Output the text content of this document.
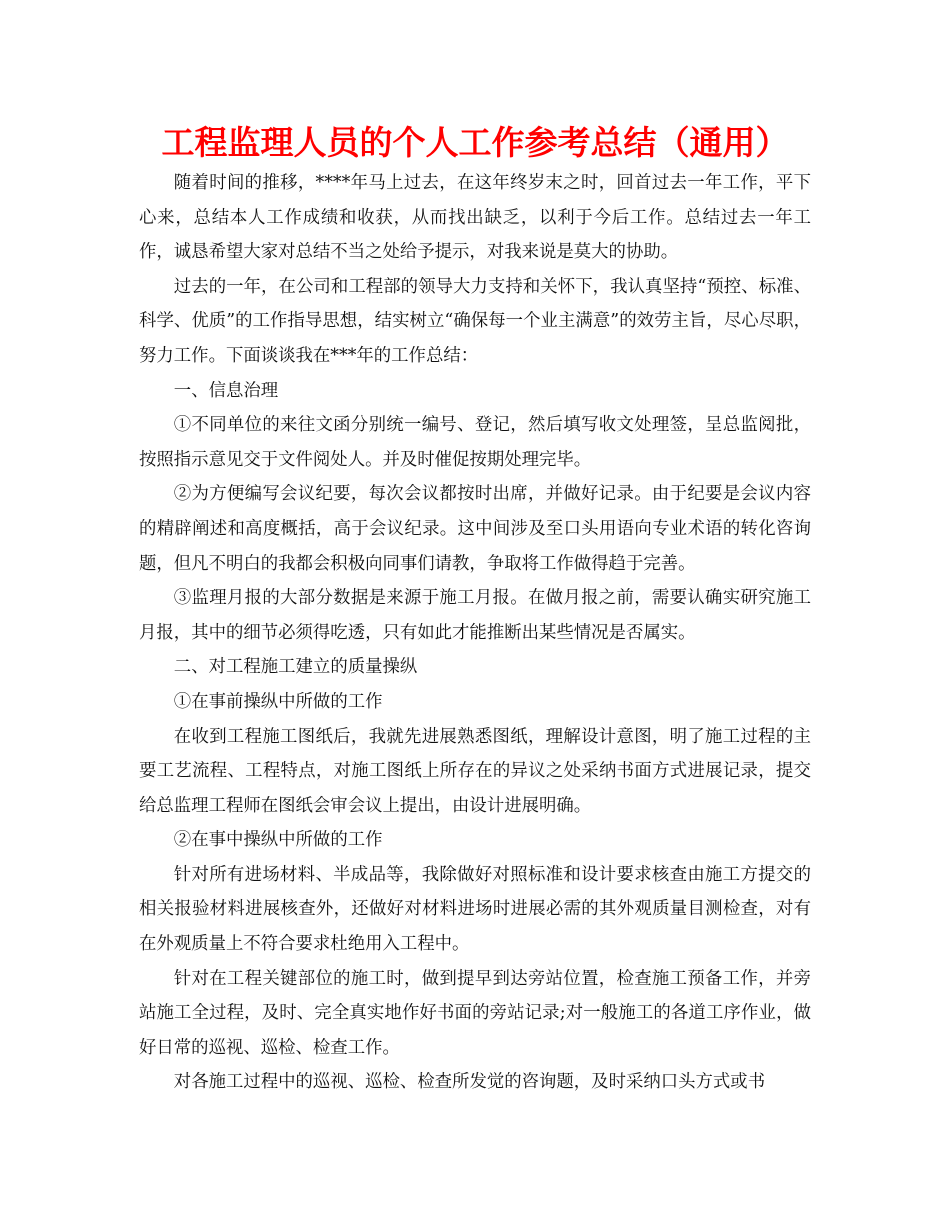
工程监理人员的个人工作参考总结（通用）

随着时间的推移，****年马上过去，在这年终岁末之时，回首过去一年工作，平下心来，总结本人工作成绩和收获，从而找出缺乏，以利于今后工作。总结过去一年工作，诚恳希望大家对总结不当之处给予提示，对我来说是莫大的协助。

过去的一年，在公司和工程部的领导大力支持和关怀下，我认真坚持“预控、标准、科学、优质”的工作指导思想，结实树立“确保每一个业主满意”的效劳主旨，尽心尽职，努力工作。下面谈谈我在***年的工作总结：

一、信息治理

①不同单位的来往文函分别统一编号、登记，然后填写收文处理签，呈总监阅批，按照指示意见交于文件阅处人。并及时催促按期处理完毕。

②为方便编写会议纪要，每次会议都按时出席，并做好记录。由于纪要是会议内容的精辟阐述和高度概括，高于会议纪录。这中间涉及至口头用语向专业术语的转化咨询题，但凡不明白的我都会积极向同事们请教，争取将工作做得趋于完善。

③监理月报的大部分数据是来源于施工月报。在做月报之前，需要认确实研究施工月报，其中的细节必须得吃透，只有如此才能推断出某些情况是否属实。

二、对工程施工建立的质量操纵

①在事前操纵中所做的工作

在收到工程施工图纸后，我就先进展熟悉图纸，理解设计意图，明了施工过程的主要工艺流程、工程特点，对施工图纸上所存在的异议之处采纳书面方式进展记录，提交给总监理工程师在图纸会审会议上提出，由设计进展明确。

②在事中操纵中所做的工作

针对所有进场材料、半成品等，我除做好对照标准和设计要求核查由施工方提交的相关报验材料进展核查外，还做好对材料进场时进展必需的其外观质量目测检查，对有在外观质量上不符合要求杜绝用入工程中。

针对在工程关键部位的施工时，做到提早到达旁站位置，检查施工预备工作，并旁站施工全过程，及时、完全真实地作好书面的旁站记录;对一般施工的各道工序作业，做好日常的巡视、巡检、检查工作。

对各施工过程中的巡视、巡检、检查所发觉的咨询题，及时采纳口头方式或书
